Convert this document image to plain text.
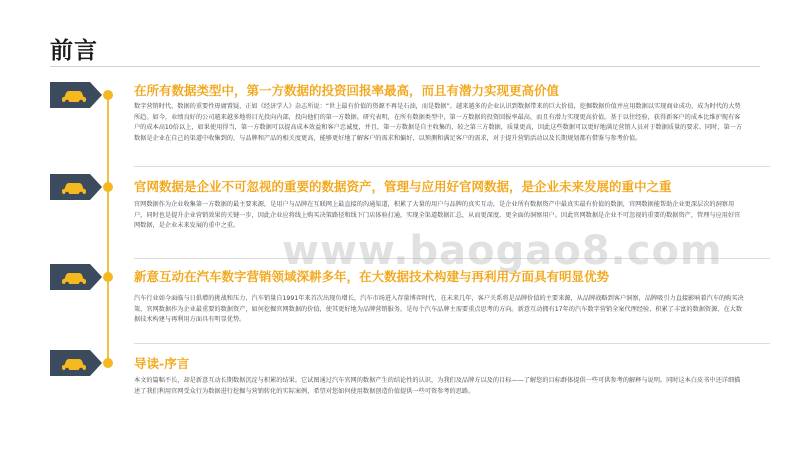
前言
在所有数据类型中，第一方数据的投资回报率最高，而且有潜力实现更高价值

数字营销时代，数据的重要性毋庸置疑，正如《经济学人》杂志所说：“世上最有价值的资源不再是石油，而是数据”。越来越多的企业认识到数据带来的巨大价值，挖掘数据价值并应用数据以实现商业成功，成为时代的大势所趋。如今，业绩良好的公司越来越多地将目光投向内部，投向他们的第一方数据。研究表明，在所有数据类型中，第一方数据的投资回报率最高，而且有潜力实现更高价值。基于以往经验，获得新客户的成本比维护现有客户的成本高10倍以上，如果使用得当，第一方数据可以提高成本效益和客户忠诚度，并且，第一方数据是自主收集的，较之第三方数据，质量更高，因此这些数据可以更好地满足营销人员对于数据质量的要求。同时，第一方数据是企业在自己的渠道中收集到的，与品牌和产品的相关度更高，能够更好地了解客户的需求和偏好，以预测和满足客户的需求，对于提升营销活动以及长期规划都有借鉴与参考价值。

官网数据是企业不可忽视的重要的数据资产，管理与应用好官网数据，是企业未来发展的重中之重

官网数据作为企业收集第一方数据的最主要来源，是用户与品牌在互联网上最直接的沟通渠道，积累了大量的用户与品牌的真实互动，是企业所有数据资产中最真实最有价值的数据，官网数据能帮助企业更深层次的洞察用户，同时也是提升企业营销效果的关键一步，因此企业应将线上购买决策路径和线下门店体验打通，实现全渠道数据汇总，从而更深度、更全面的洞察用户。因此官网数据是企业不可忽视的重要的数据资产，管理与应用好官网数据，是企业未来发展的重中之重。

新意互动在汽车数字营销领域深耕多年，在大数据技术构建与再利用方面具有明显优势

汽车行业如今面临与日俱增的挑战和压力，汽车销量自1991年来首次出现负增长，汽车市场进入存量博弈时代，在未来几年，客户关系将是品牌价值的主要来源，从品牌战略到客户洞察，品牌吸引力直接影响着汽车的购买决策，官网数据作为企业最重要的数据资产，如何挖掘官网数据的价值，使其更好地为品牌营销服务，是每个汽车品牌主需要重点思考的方向。新意互动拥有17年的汽车数字营销全案代理经验，积累了丰富的数据资源，在大数据技术构建与再利用方面具有明显优势。

导读-序言

本文的篇幅不长，却是新意互动长期数据沉淀与积累的结果。它试图通过汽车官网的数据产生的结论性的认识，为我们及品牌方以及的目标——了解您的目标群体提供一些可供参考的解释与说明。同时这本白皮书中还详细描述了我们利用官网受众行为数据进行挖掘与营销转化的实际案例，希望对您如何使用数据创造价值提供一些可资参考的思路。

www.baogao8.com
